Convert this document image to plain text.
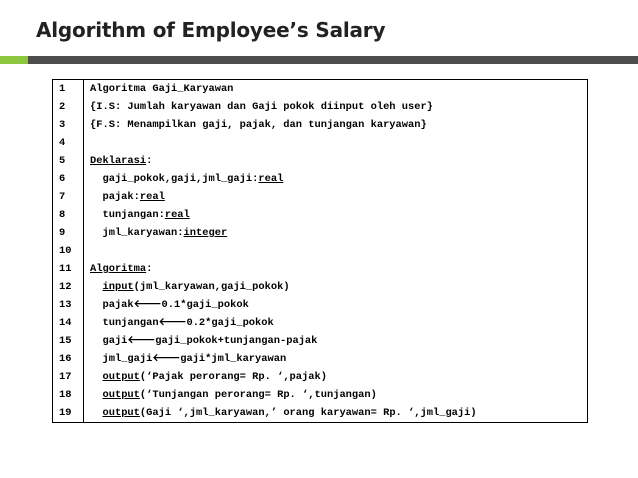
Algorithm of Employee’s Salary
1	Algoritma Gaji_Karyawan
2	{I.S: Jumlah karyawan dan Gaji pokok diinput oleh user}
3	{F.S: Menampilkan gaji, pajak, dan tunjangan karyawan}
4	
5	Deklarasi:
6	gaji_pokok,gaji,jml_gaji:real
7	pajak:real
8	tunjangan:real
9	jml_karyawan:integer
10	
11	Algoritma:
12	input(jml_karyawan,gaji_pokok)
13	pajak🡐0.1*gaji_pokok
14	tunjangan🡐0.2*gaji_pokok
15	gaji🡐gaji_pokok+tunjangan-pajak
16	jml_gaji🡐gaji*jml_karyawan
17	output(‘Pajak perorang= Rp. ‘,pajak)
18	output(‘Tunjangan perorang= Rp. ‘,tunjangan)
19	output(Gaji ‘,jml_karyawan,’ orang karyawan= Rp. ‘,jml_gaji)
